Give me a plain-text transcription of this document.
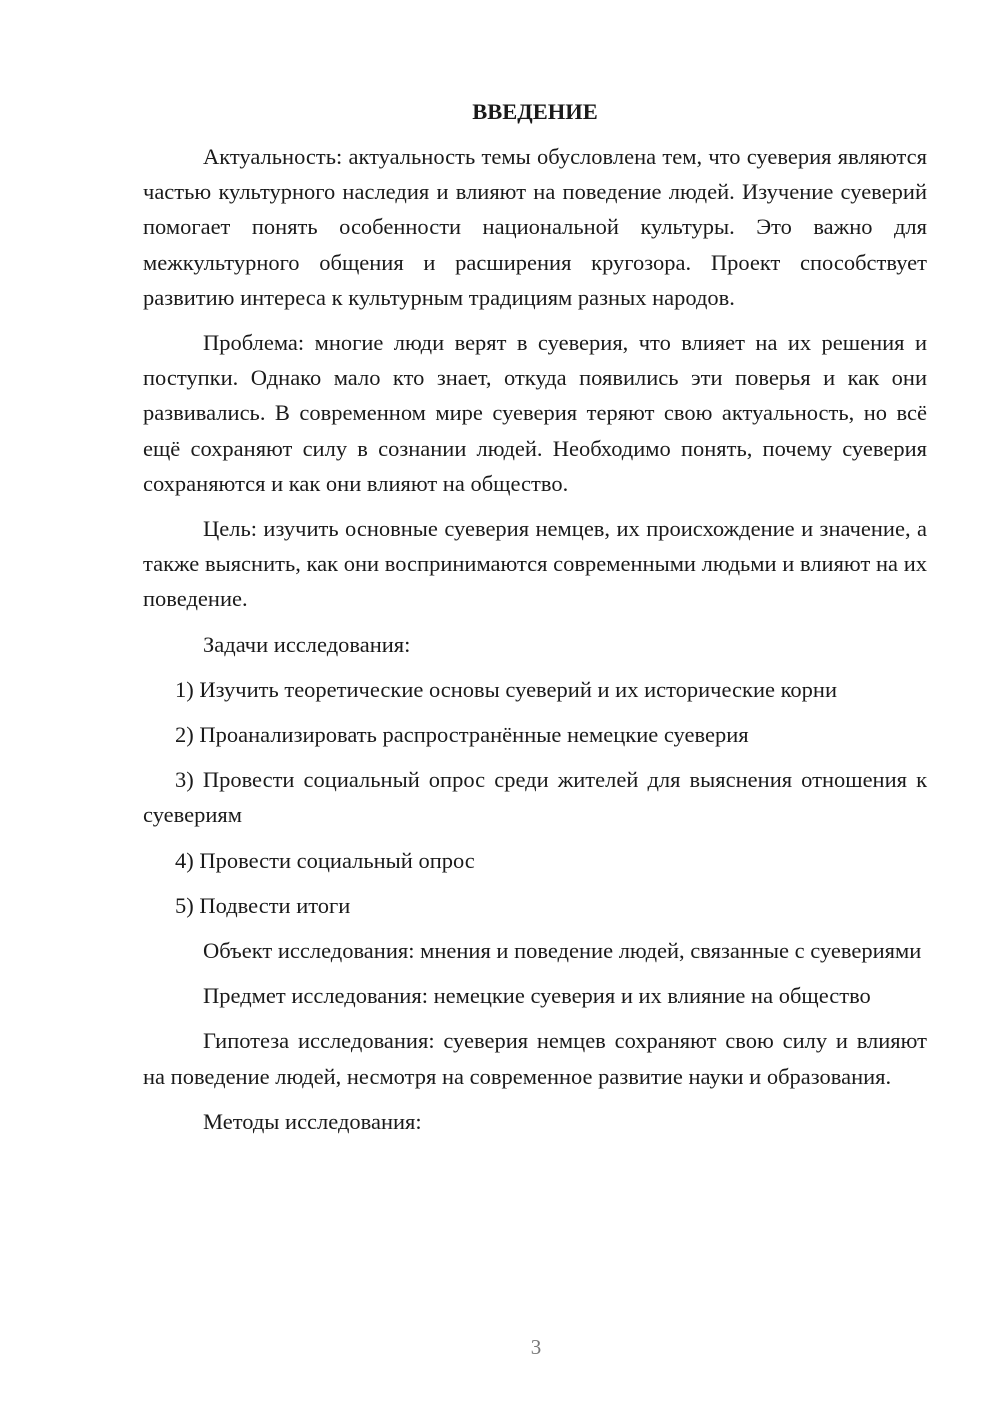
ВВЕДЕНИЕ

Актуальность: актуальность темы обусловлена тем, что суеверия являются частью культурного наследия и влияют на поведение людей. Изучение суеверий помогает понять особенности национальной культуры. Это важно для межкультурного общения и расширения кругозора. Проект способствует развитию интереса к культурным традициям разных народов.

Проблема: многие люди верят в суеверия, что влияет на их решения и поступки. Однако мало кто знает, откуда появились эти поверья и как они развивались. В современном мире суеверия теряют свою актуальность, но всё ещё сохраняют силу в сознании людей. Необходимо понять, почему суеверия сохраняются и как они влияют на общество.

Цель: изучить основные суеверия немцев, их происхождение и значение, а также выяснить, как они воспринимаются современными людьми и влияют на их поведение.

Задачи исследования:

1) Изучить теоретические основы суеверий и их исторические корни

2) Проанализировать распространённые немецкие суеверия

3) Провести социальный опрос среди жителей для выяснения отношения к суевериям

4) Провести социальный опрос

5) Подвести итоги

Объект исследования: мнения и поведение людей, связанные с суевериями

Предмет исследования: немецкие суеверия и их влияние на общество

Гипотеза исследования: суеверия немцев сохраняют свою силу и влияют на поведение людей, несмотря на современное развитие науки и образования.

Методы исследования:

3
